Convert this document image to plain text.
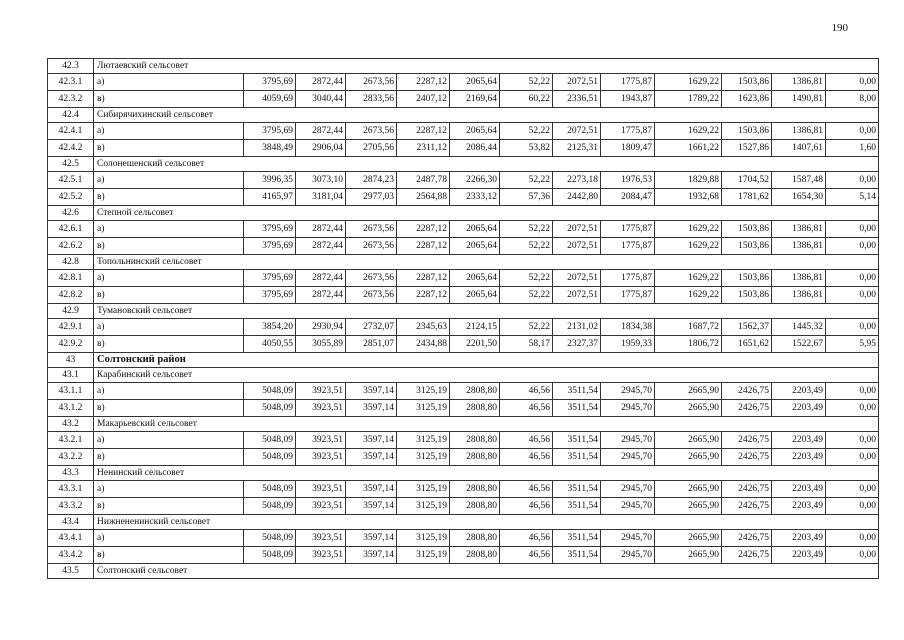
190
42.3	Лютаевский сельсовет												
42.3.1	а)	3795,69	2872,44	2673,56	2287,12	2065,64	52,22	2072,51	1775,87	1629,22	1503,86	1386,81	0,00
42.3.2	в)	4059,69	3040,44	2833,56	2407,12	2169,64	60,22	2336,51	1943,87	1789,22	1623,86	1490,81	8,00
42.4	Сибирячихинский сельсовет												
42.4.1	а)	3795,69	2872,44	2673,56	2287,12	2065,64	52,22	2072,51	1775,87	1629,22	1503,86	1386,81	0,00
42.4.2	в)	3848,49	2906,04	2705,56	2311,12	2086,44	53,82	2125,31	1809,47	1661,22	1527,86	1407,61	1,60
42.5	Солонешенский сельсовет												
42.5.1	а)	3996,35	3073,10	2874,23	2487,78	2266,30	52,22	2273,18	1976,53	1829,88	1704,52	1587,48	0,00
42.5.2	в)	4165,97	3181,04	2977,03	2564,88	2333,12	57,36	2442,80	2084,47	1932,68	1781,62	1654,30	5,14
42.6	Степной сельсовет												
42.6.1	а)	3795,69	2872,44	2673,56	2287,12	2065,64	52,22	2072,51	1775,87	1629,22	1503,86	1386,81	0,00
42.6.2	в)	3795,69	2872,44	2673,56	2287,12	2065,64	52,22	2072,51	1775,87	1629,22	1503,86	1386,81	0,00
42.8	Топольнинский сельсовет												
42.8.1	а)	3795,69	2872,44	2673,56	2287,12	2065,64	52,22	2072,51	1775,87	1629,22	1503,86	1386,81	0,00
42.8.2	в)	3795,69	2872,44	2673,56	2287,12	2065,64	52,22	2072,51	1775,87	1629,22	1503,86	1386,81	0,00
42.9	Тумановский сельсовет												
42.9.1	а)	3854,20	2930,94	2732,07	2345,63	2124,15	52,22	2131,02	1834,38	1687,72	1562,37	1445,32	0,00
42.9.2	в)	4050,55	3055,89	2851,07	2434,88	2201,50	58,17	2327,37	1959,33	1806,72	1651,62	1522,67	5,95
43	Солтонский район												
43.1	Карабинский сельсовет												
43.1.1	а)	5048,09	3923,51	3597,14	3125,19	2808,80	46,56	3511,54	2945,70	2665,90	2426,75	2203,49	0,00
43.1.2	в)	5048,09	3923,51	3597,14	3125,19	2808,80	46,56	3511,54	2945,70	2665,90	2426,75	2203,49	0,00
43.2	Макарьевский сельсовет												
43.2.1	а)	5048,09	3923,51	3597,14	3125,19	2808,80	46,56	3511,54	2945,70	2665,90	2426,75	2203,49	0,00
43.2.2	в)	5048,09	3923,51	3597,14	3125,19	2808,80	46,56	3511,54	2945,70	2665,90	2426,75	2203,49	0,00
43.3	Ненинский сельсовет												
43.3.1	а)	5048,09	3923,51	3597,14	3125,19	2808,80	46,56	3511,54	2945,70	2665,90	2426,75	2203,49	0,00
43.3.2	в)	5048,09	3923,51	3597,14	3125,19	2808,80	46,56	3511,54	2945,70	2665,90	2426,75	2203,49	0,00
43.4	Нижнененинский сельсовет												
43.4.1	а)	5048,09	3923,51	3597,14	3125,19	2808,80	46,56	3511,54	2945,70	2665,90	2426,75	2203,49	0,00
43.4.2	в)	5048,09	3923,51	3597,14	3125,19	2808,80	46,56	3511,54	2945,70	2665,90	2426,75	2203,49	0,00
43.5	Солтонский сельсовет												
